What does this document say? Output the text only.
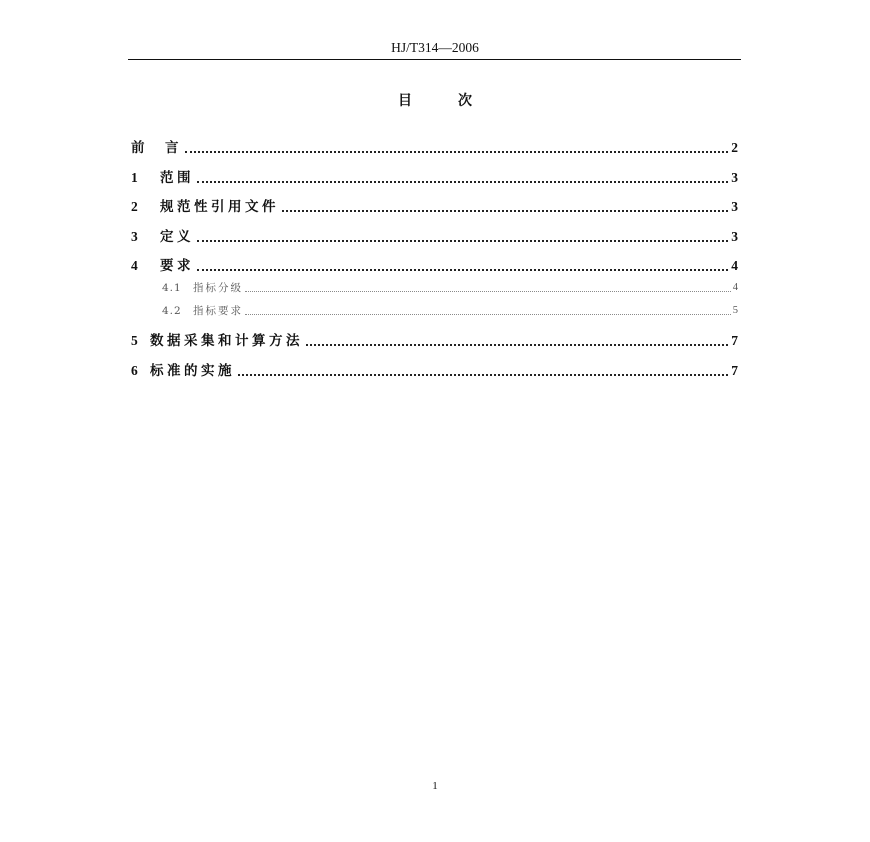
HJ/T314—2006
目　　次
前　言	2
1	范围	3
2	规范性引用文件	3
3	定义	3
4	要求	4
4.1	指标分级	4
4.2	指标要求	5
5 数据采集和计算方法	7
6 标准的实施	7
1
